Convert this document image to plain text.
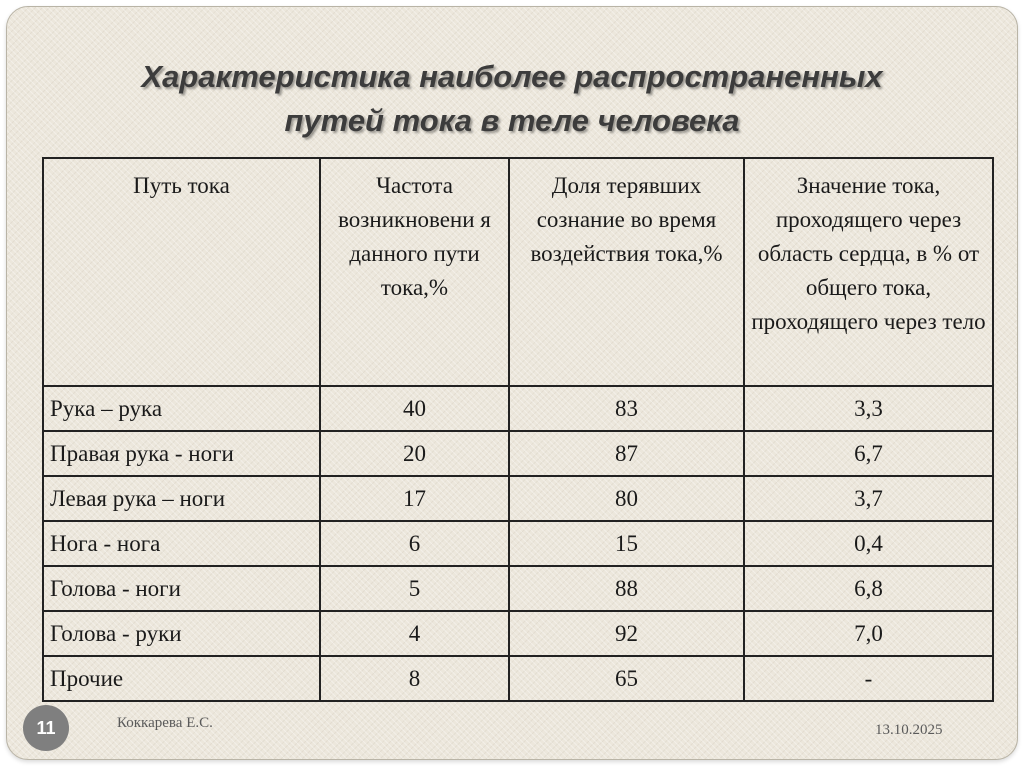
Характеристика наиболее распространенных
путей тока в теле человека
Путь тока	Частота возникновени я данного пути тока,%	Доля терявших сознание во время воздействия тока,%	Значение тока, проходящего через область сердца, в % от общего тока, проходящего через тело
Рука – рука	40	83	3,3
Правая рука - ноги	20	87	6,7
Левая рука – ноги	17	80	3,7
Нога - нога	6	15	0,4
Голова - ноги	5	88	6,8
Голова - руки	4	92	7,0
Прочие	8	65	-
11	Коккарева Е.С.	13.10.2025
